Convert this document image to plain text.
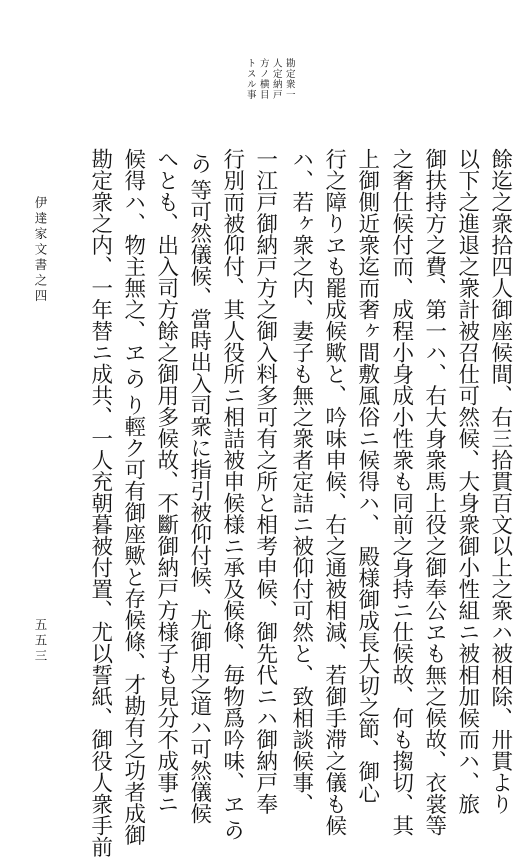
伊達家文書之四
五五三
勘定衆一
人定納戸
方ノ横目
トスル事
餘迄之衆拾四人御座候間、右三拾貫百文以上之衆ハ被相除、卅貫より
以下之進退之衆計被召仕可然候、大身衆御小性組ニ被相加候而ハ、旅
御扶持方之費、第一ハ、右大身衆馬上役之御奉公ヱも無之候故、衣裳等
之奢仕候付而、成程小身成小性衆も同前之身持ニ仕候故、何も搊切、其
上御側近衆迄而奢ヶ間敷風俗ニ候得ハ、　殿様御成長大切之節、御心
行之障りヱも罷成候歟と、吟味申候、右之通被相減、若御手滞之儀も候
ハ、若ヶ衆之内、妻子も無之衆者定詰ニ被仰付可然と、致相談候事、
一江戸御納戸方之御入料多可有之所と相考申候、御先代ニハ御納戸奉
行別而被仰付、其人役所ニ相詰被申候様ニ承及候條、毎物爲吟味、ヱ𛀙
𛀙等可然儀候、當時出入司衆に指引被仰付候、尤御用之道ハ可然儀候
へとも、出入司方餘之御用多候故、不斷御納戸方様子も見分不成事ニ
候得ハ、物主無之、ヱ𛀙り輕ク可有御座歟と存候條、才勘有之功者成御
勘定衆之内、一年替ニ成共、一人充朝暮被付置、尤以誓紙、御役人衆手前
